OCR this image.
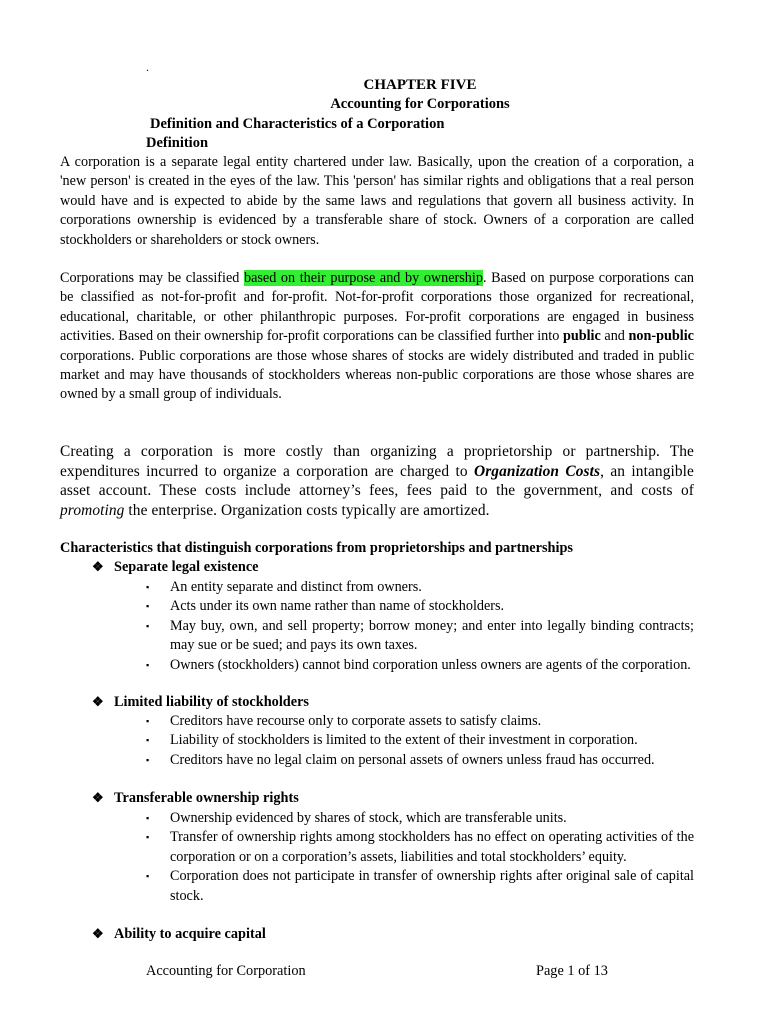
.
CHAPTER FIVE
Accounting for Corporations
Definition and Characteristics of a Corporation
Definition

A corporation is a separate legal entity chartered under law. Basically, upon the creation of a corporation, a 'new person' is created in the eyes of the law. This 'person' has similar rights and obligations that a real person would have and is expected to abide by the same laws and regulations that govern all business activity. In corporations ownership is evidenced by a transferable share of stock. Owners of a corporation are called stockholders or shareholders or stock owners.

Corporations may be classified based on their purpose and by ownership. Based on purpose corporations can be classified as not-for-profit and for-profit. Not-for-profit corporations those organized for recreational, educational, charitable, or other philanthropic purposes. For-profit corporations are engaged in business activities. Based on their ownership for-profit corporations can be classified further into public and non-public corporations. Public corporations are those whose shares of stocks are widely distributed and traded in public market and may have thousands of stockholders whereas non-public corporations are those whose shares are owned by a small group of individuals.

Creating a corporation is more costly than organizing a proprietorship or partnership. The expenditures incurred to organize a corporation are charged to Organization Costs, an intangible asset account. These costs include attorney’s fees, fees paid to the government, and costs of promoting the enterprise. Organization costs typically are amortized.

Characteristics that distinguish corporations from proprietorships and partnerships
❖ Separate legal existence
▪ An entity separate and distinct from owners.
▪ Acts under its own name rather than name of stockholders.
▪ May buy, own, and sell property; borrow money; and enter into legally binding contracts; may sue or be sued; and pays its own taxes.
▪ Owners (stockholders) cannot bind corporation unless owners are agents of the corporation.
❖ Limited liability of stockholders
▪ Creditors have recourse only to corporate assets to satisfy claims.
▪ Liability of stockholders is limited to the extent of their investment in corporation.
▪ Creditors have no legal claim on personal assets of owners unless fraud has occurred.
❖ Transferable ownership rights
▪ Ownership evidenced by shares of stock, which are transferable units.
▪ Transfer of ownership rights among stockholders has no effect on operating activities of the corporation or on a corporation’s assets, liabilities and total stockholders’ equity.
▪ Corporation does not participate in transfer of ownership rights after original sale of capital stock.
❖ Ability to acquire capital
Accounting for Corporation	Page 1 of 13
